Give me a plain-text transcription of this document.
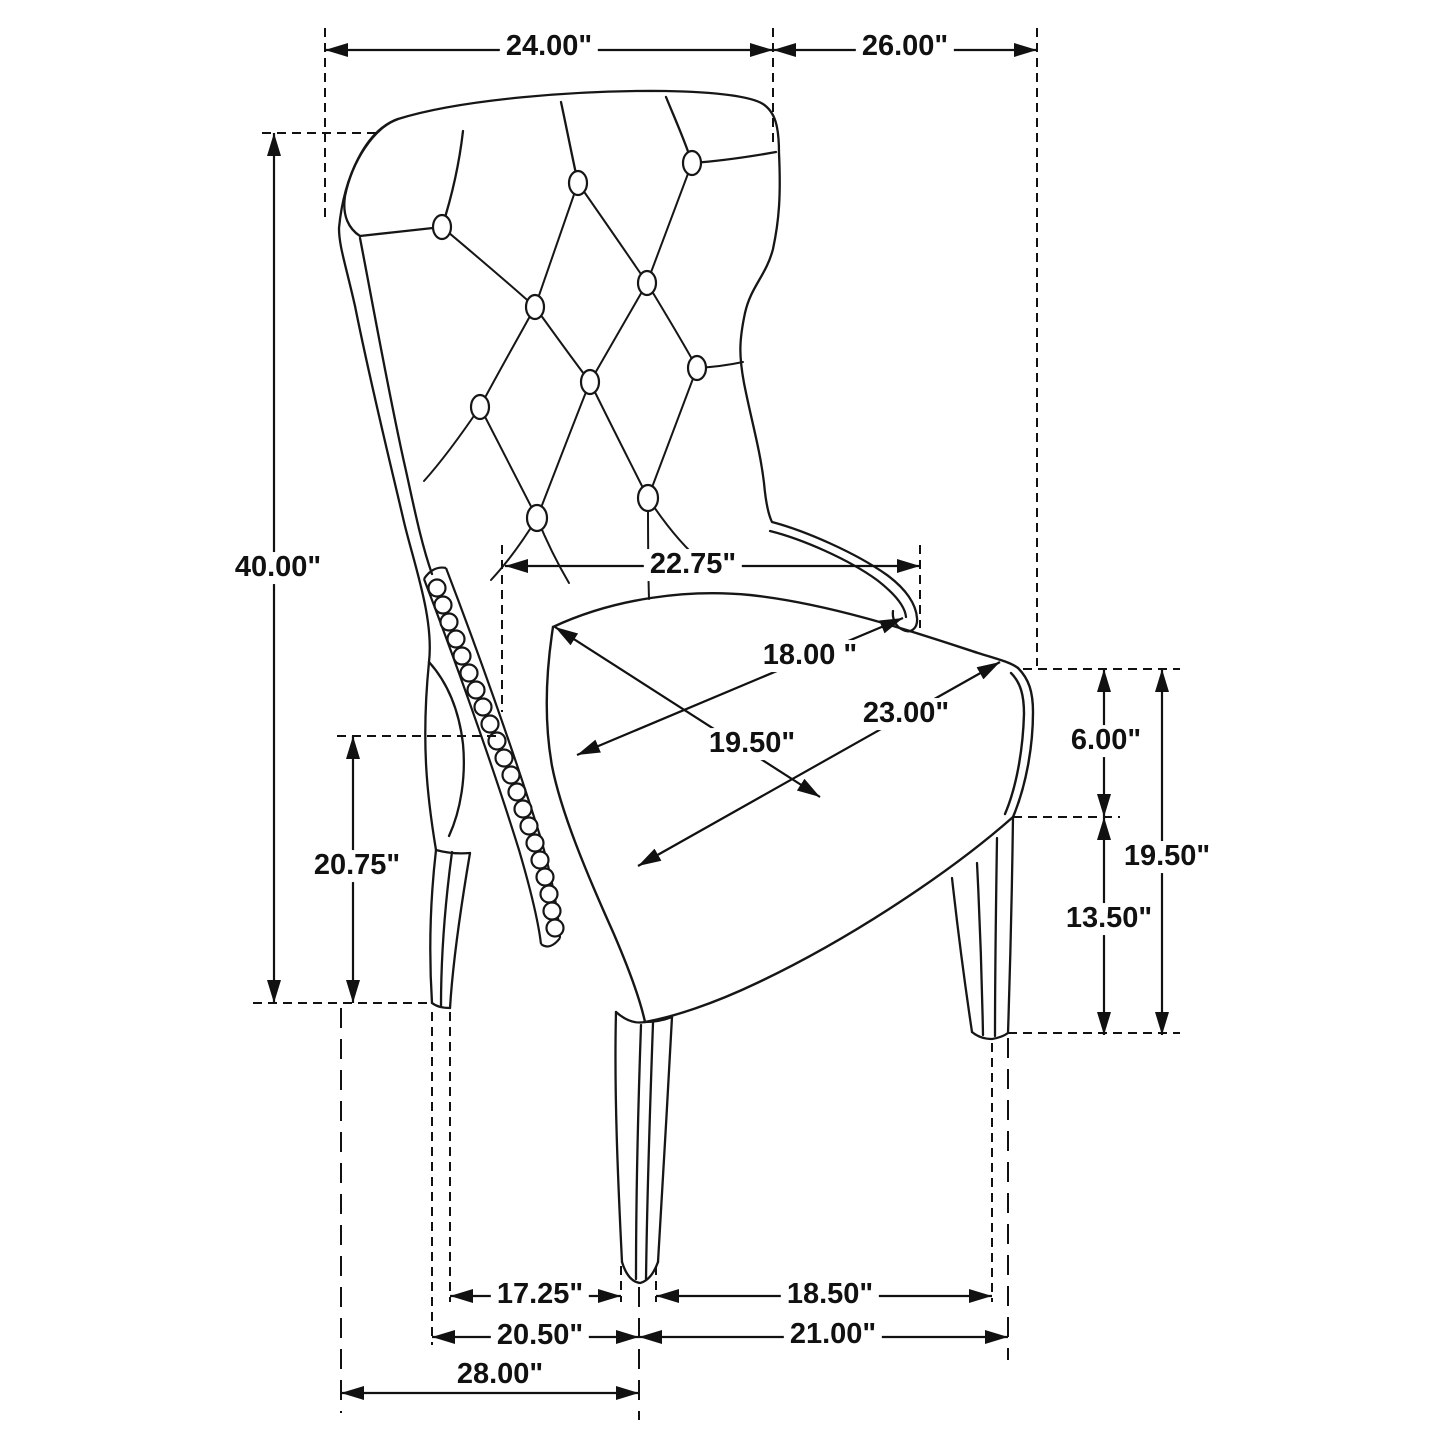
24.00"	26.00"
40.00"	22.75"
18.00 "
19.50"
23.00"
20.75"
6.00"
19.50"
13.50"
17.25"	18.50"
20.50"	21.00"
28.00"
